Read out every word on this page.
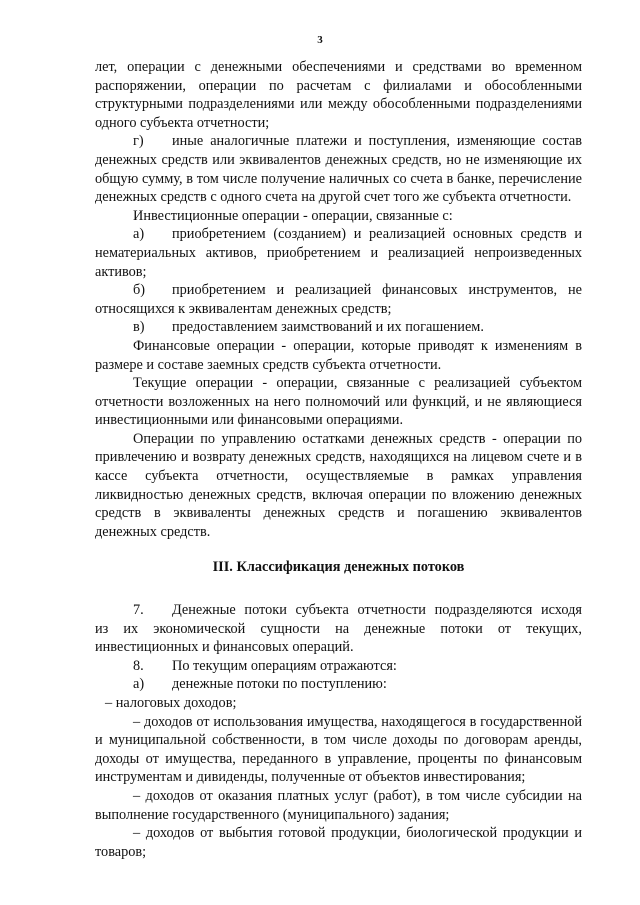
3

лет, операции с денежными обеспечениями и средствами во временном распоряжении, операции по расчетам с филиалами и обособленными структурными подразделениями или между обособленными подразделениями одного субъекта отчетности;

г)	иные аналогичные платежи и поступления, изменяющие состав

денежных средств или эквивалентов денежных средств, но не изменяющие их общую сумму, в том числе получение наличных со счета в банке, перечисление денежных средств с одного счета на другой счет того же субъекта отчетности.

Инвестиционные операции - операции, связанные с:

а)	приобретением (созданием) и реализацией основных средств и

нематериальных активов, приобретением и реализацией непроизведенных активов;

б)	приобретением и реализацией финансовых инструментов, не

относящихся к эквивалентам денежных средств;

в)	предоставлением заимствований и их погашением.

Финансовые операции - операции, которые приводят к изменениям в размере и составе заемных средств субъекта отчетности.

Текущие операции - операции, связанные с реализацией субъектом отчетности возложенных на него полномочий или функций, и не являющиеся инвестиционными или финансовыми операциями.

Операции по управлению остатками денежных средств - операции по привлечению и возврату денежных средств, находящихся на лицевом счете и в кассе субъекта отчетности, осуществляемые в рамках управления ликвидностью денежных средств, включая операции по вложению денежных средств в эквиваленты денежных средств и погашению эквивалентов денежных средств.

III. Классификация денежных потоков

7.	Денежные потоки субъекта отчетности подразделяются исходя

из их экономической сущности на денежные потоки от текущих, инвестиционных и финансовых операций.

8.	По текущим операциям отражаются:
а)	денежные потоки по поступлению:

– налоговых доходов;

– доходов от использования имущества, находящегося в государственной и муниципальной собственности, в том числе доходы по договорам аренды, доходы от имущества, переданного в управление, проценты по финансовым инструментам и дивиденды, полученные от объектов инвестирования;

– доходов от оказания платных услуг (работ), в том числе субсидии на выполнение государственного (муниципального) задания;

– доходов от выбытия готовой продукции, биологической продукции и товаров;
